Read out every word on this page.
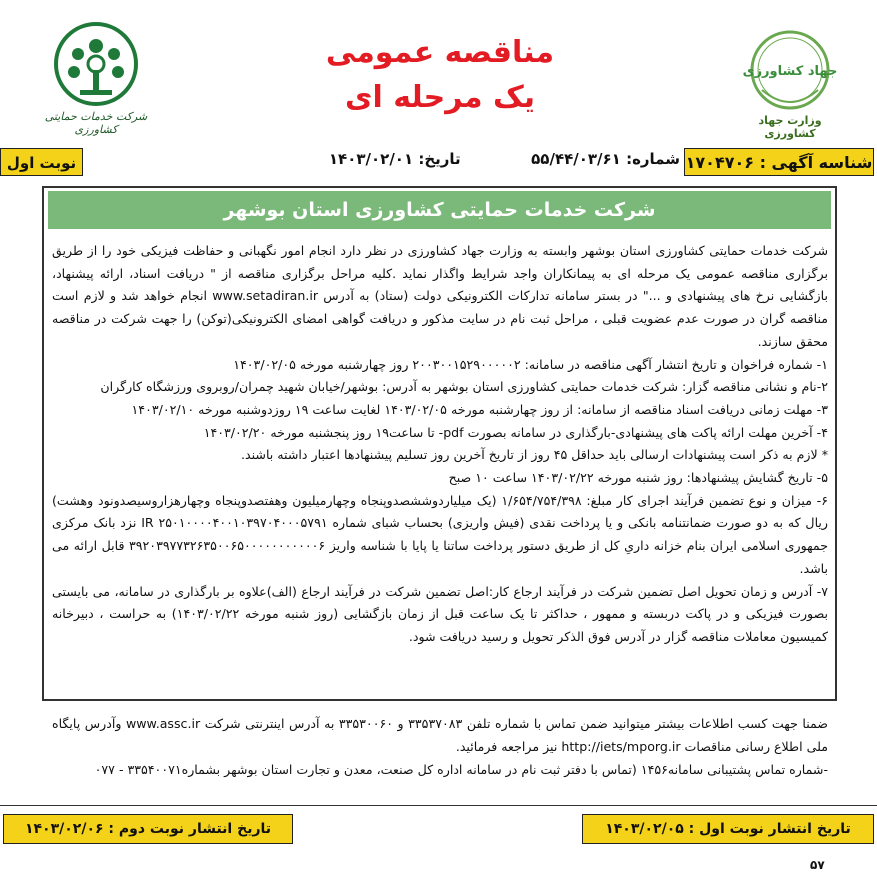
جهاد کشاورزی
وزارت جهاد کشاورزی
شرکت خدمات حمایتی کشاورزی
مناقصه عمومی
یک مرحله ای
شناسه آگهی : ۱۷۰۴۷۰۶
شماره: ۵۵/۴۴/۰۳/۶۱  تاریخ: ۱۴۰۳/۰۲/۰۱
نوبت اول
شرکت خدمات حمایتی کشاورزی استان بوشهر

شرکت خدمات حمایتی کشاورزی استان بوشهر وابسته به وزارت جهاد کشاورزی در نظر دارد انجام امور نگهبانی و حفاظت فیزیکی خود را از طریق برگزاری مناقصه عمومی یک مرحله ای به پیمانکاران واجد شرایط واگذار نماید .کلیه مراحل برگزاری مناقصه از " دریافت اسناد، ارائه پیشنهاد، بازگشایی نرخ های پیشنهادی و ..." در بستر سامانه تدارکات الکترونیکی دولت (ستاد) به آدرس www.setadiran.ir انجام خواهد شد و لازم است مناقصه گران در صورت عدم عضویت قبلی ، مراحل ثبت نام در سایت مذکور و دریافت گواهی امضای الکترونیکی(توکن) را جهت شرکت در مناقصه محقق سازند.

۱- شماره فراخوان و تاریخ انتشار آگهی مناقصه در سامانه: ۲۰۰۳۰۰۱۵۲۹۰۰۰۰۰۲ روز چهارشنبه مورخه ۱۴۰۳/۰۲/۰۵

۲-نام و نشانی مناقصه گزار: شرکت خدمات حمایتی کشاورزی استان بوشهر به آدرس: بوشهر/خیابان شهید چمران/روبروی ورزشگاه کارگران

۳- مهلت زمانی دریافت اسناد مناقصه از سامانه: از روز چهارشنبه مورخه ۱۴۰۳/۰۲/۰۵ لغایت ساعت ۱۹ روزدوشنبه مورخه ۱۴۰۳/۰۲/۱۰

۴- آخرین مهلت ارائه پاکت های پیشنهادی-بارگذاری در سامانه بصورت pdf- تا ساعت۱۹ روز پنجشنبه مورخه ۱۴۰۳/۰۲/۲۰

* لازم به ذکر است پیشنهادات ارسالی باید حداقل ۴۵ روز از تاریخ آخرین روز تسلیم پیشنهادها اعتبار داشته باشند.

۵- تاریخ گشایش پیشنهادها: روز شنبه مورخه ۱۴۰۳/۰۲/۲۲ ساعت ۱۰ صبح

۶- میزان و نوع تضمین فرآیند اجرای کار مبلغ: ۱/۶۵۴/۷۵۴/۳۹۸ (یک میلیاردوششصدوپنجاه وچهارمیلیون وهفتصدوپنجاه وچهارهزاروسیصدونود وهشت) ریال که به دو صورت ضمانتنامه بانکی و یا پرداخت نقدی (فیش واریزی) بحساب شبای شماره IR ۲۵۰۱۰۰۰۰۴۰۰۱۰۳۹۷۰۴۰۰۰۵۷۹۱ نزد بانک مرکزی جمهوری اسلامی ایران بنام خزانه داریِ کل از طریق دستور پرداخت ساتنا یا پایا با شناسه واریز ۳۹۲۰۳۹۷۷۳۲۶۳۵۰۰۶۵۰۰۰۰۰۰۰۰۰۰۰۶ قابل ارائه می باشد.

۷- آدرس و زمان تحویل اصل تضمین شرکت در فرآیند ارجاع کار:اصل تضمین شرکت در فرآیند ارجاع (الف)علاوه بر بارگذاری در سامانه، می بایستی بصورت فیزیکی و در پاکت دربسته و ممهور ، حداکثر تا یک ساعت قبل از زمان بازگشایی (روز شنبه مورخه ۱۴۰۳/۰۲/۲۲) به حراست ، دبیرخانه کمیسیون معاملات مناقصه گزار در آدرس فوق الذکر تحویل و رسید دریافت شود.

ضمنا جهت کسب اطلاعات بیشتر میتوانید ضمن تماس با شماره تلفن ۳۳۵۳۷۰۸۳ و ۳۳۵۳۰۰۶۰ به آدرس اینترنتی شرکت www.assc.ir وآدرس پایگاه ملی اطلاع رسانی مناقصات http://iets/mporg.ir نیز مراجعه فرمائید.

-شماره تماس پشتیبانی سامانه۱۴۵۶ (تماس با دفتر ثبت نام در سامانه اداره کل صنعت، معدن و تجارت استان بوشهر بشماره۳۳۵۴۰۰۷۱ - ۰۷۷

تاریخ انتشار نوبت اول : ۱۴۰۳/۰۲/۰۵
تاریخ انتشار نوبت دوم : ۱۴۰۳/۰۲/۰۶
۵۷
